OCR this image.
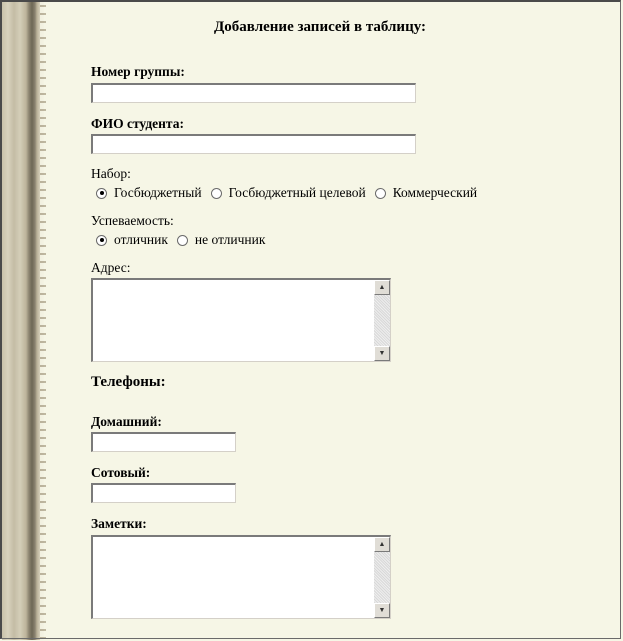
Добавление записей в таблицу:
Номер группы:
ФИО студента:
Набор:
Госбюджетный Госбюджетный целевой Коммерческий
Успеваемость:
отличник не отличник
Адрес:
▲
▼
Телефоны:
Домашний:
Сотовый:
Заметки:
▲
▼
